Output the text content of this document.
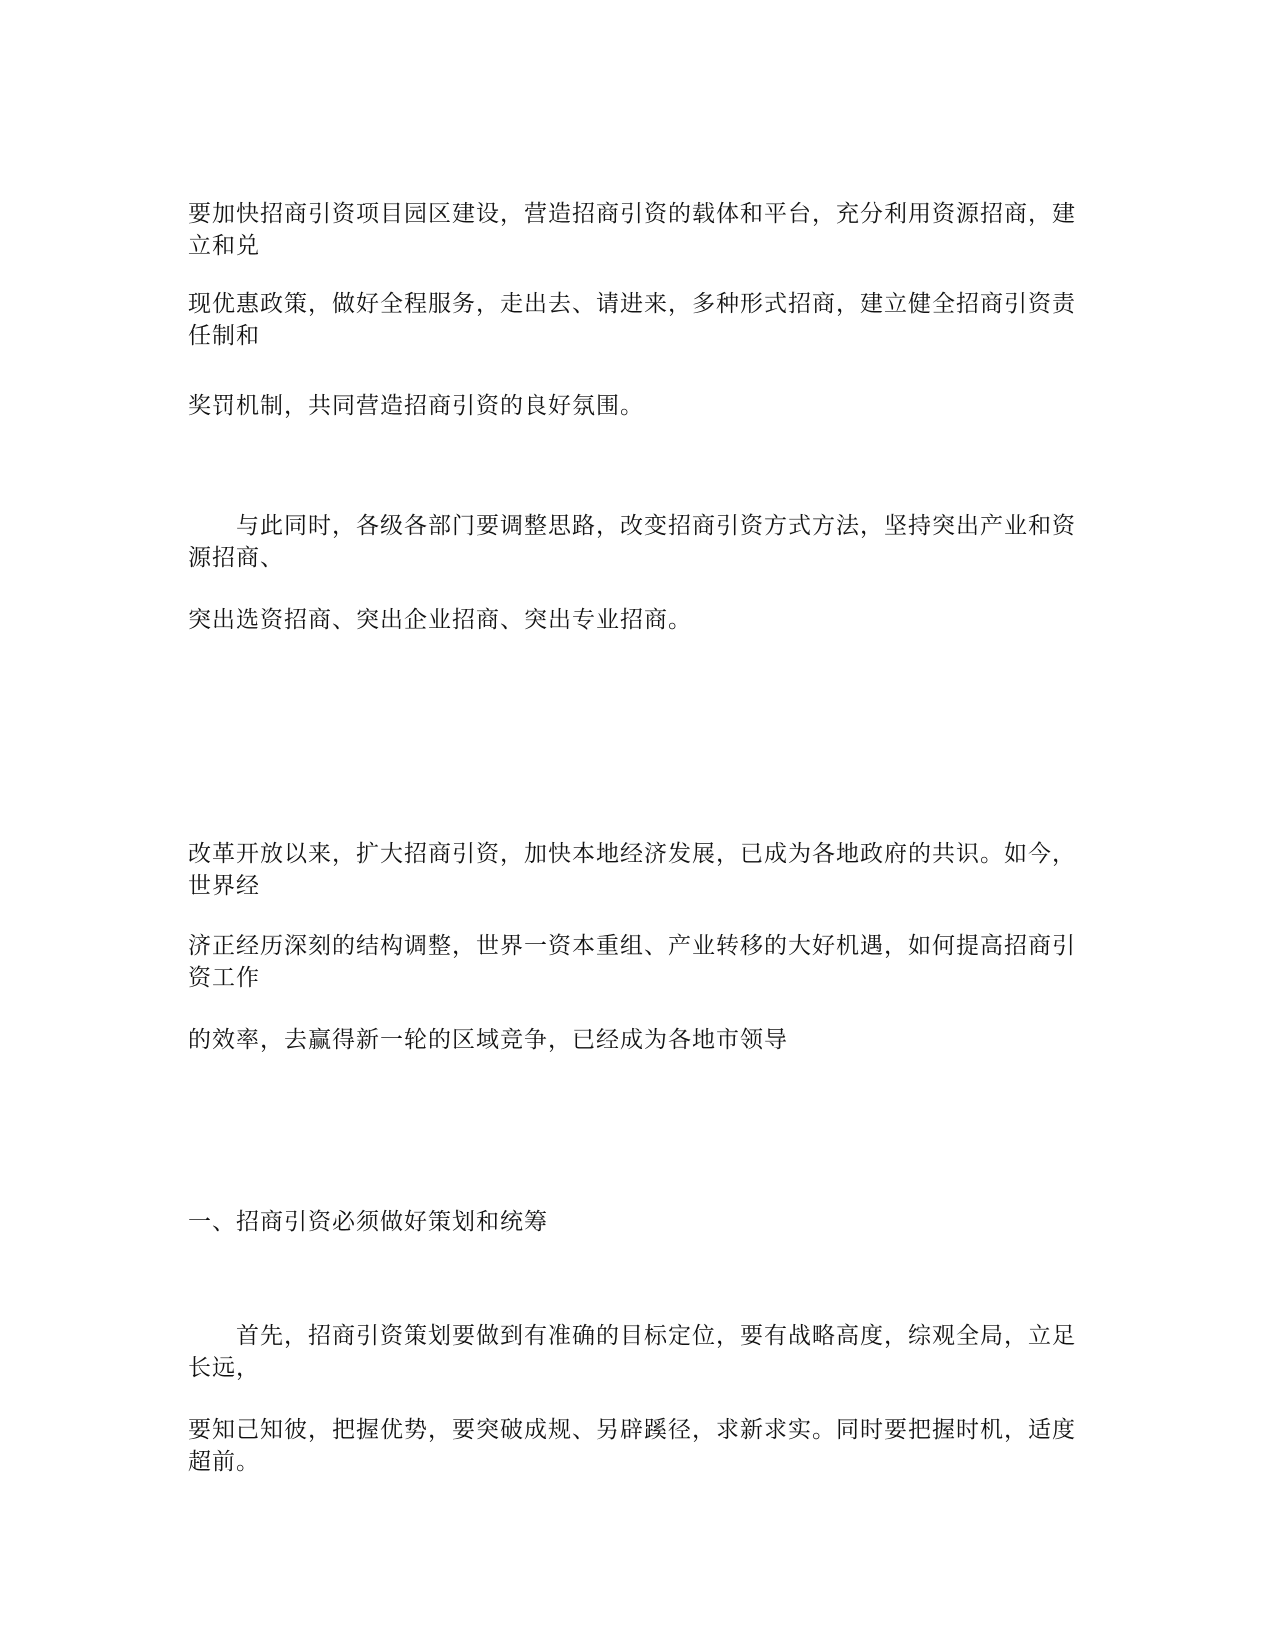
要加快招商引资项目园区建设，营造招商引资的载体和平台，充分利用资源招商，建立和兑

现优惠政策，做好全程服务，走出去、请进来，多种形式招商，建立健全招商引资责任制和

奖罚机制，共同营造招商引资的良好氛围。

与此同时，各级各部门要调整思路，改变招商引资方式方法，坚持突出产业和资源招商、

突出选资招商、突出企业招商、突出专业招商。

改革开放以来，扩大招商引资，加快本地经济发展，已成为各地政府的共识。如今，世界经

济正经历深刻的结构调整，世界一资本重组、产业转移的大好机遇，如何提高招商引资工作

的效率，去赢得新一轮的区域竞争，已经成为各地市领导

一、招商引资必须做好策划和统筹

首先，招商引资策划要做到有准确的目标定位，要有战略高度，综观全局，立足长远，

要知己知彼，把握优势，要突破成规、另辟蹊径，求新求实。同时要把握时机，适度超前。
